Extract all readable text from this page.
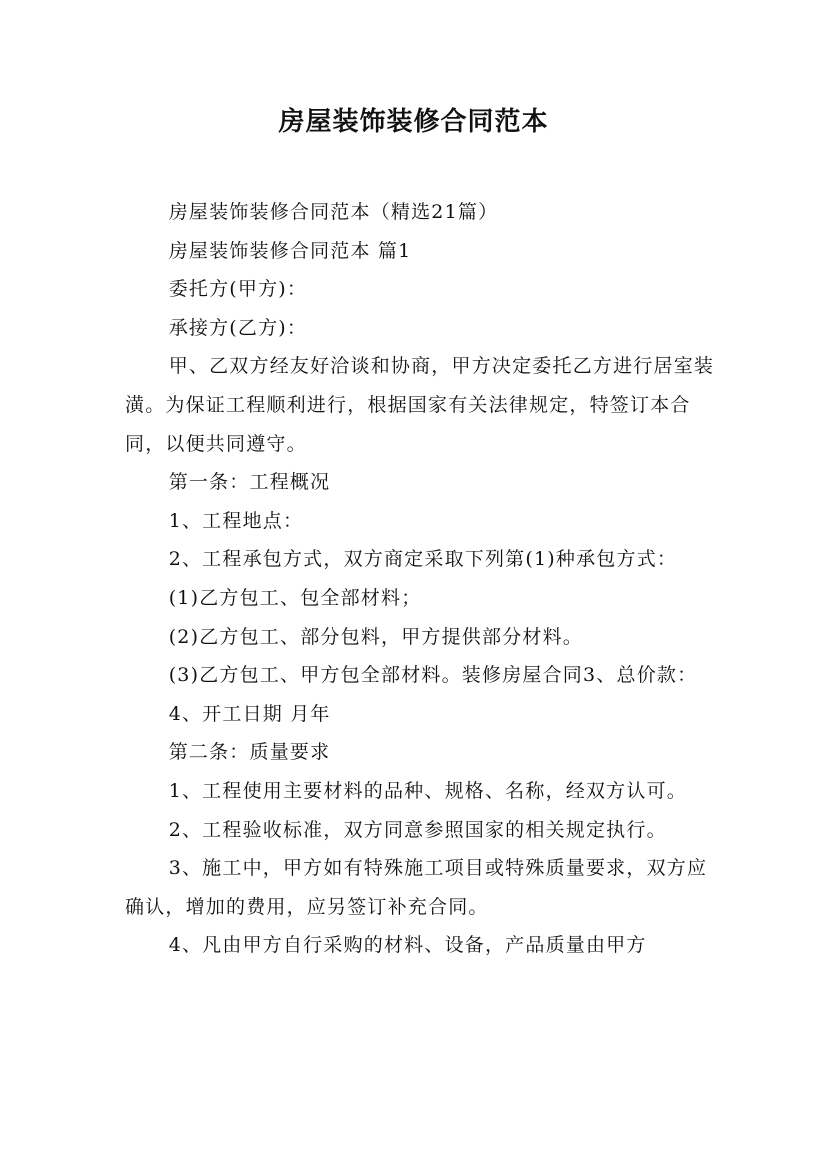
房屋装饰装修合同范本

房屋装饰装修合同范本（精选21篇）

房屋装饰装修合同范本 篇1

委托方(甲方)：

承接方(乙方)：

甲、乙双方经友好洽谈和协商，甲方决定委托乙方进行居室装潢。为保证工程顺利进行，根据国家有关法律规定，特签订本合同，以便共同遵守。

第一条：工程概况

1、工程地点：

2、工程承包方式，双方商定采取下列第(1)种承包方式：

(1)乙方包工、包全部材料；

(2)乙方包工、部分包料，甲方提供部分材料。

(3)乙方包工、甲方包全部材料。装修房屋合同3、总价款：

4、开工日期 月年

第二条：质量要求

1、工程使用主要材料的品种、规格、名称，经双方认可。

2、工程验收标准，双方同意参照国家的相关规定执行。

3、施工中，甲方如有特殊施工项目或特殊质量要求，双方应确认，增加的费用，应另签订补充合同。

4、凡由甲方自行采购的材料、设备，产品质量由甲方
